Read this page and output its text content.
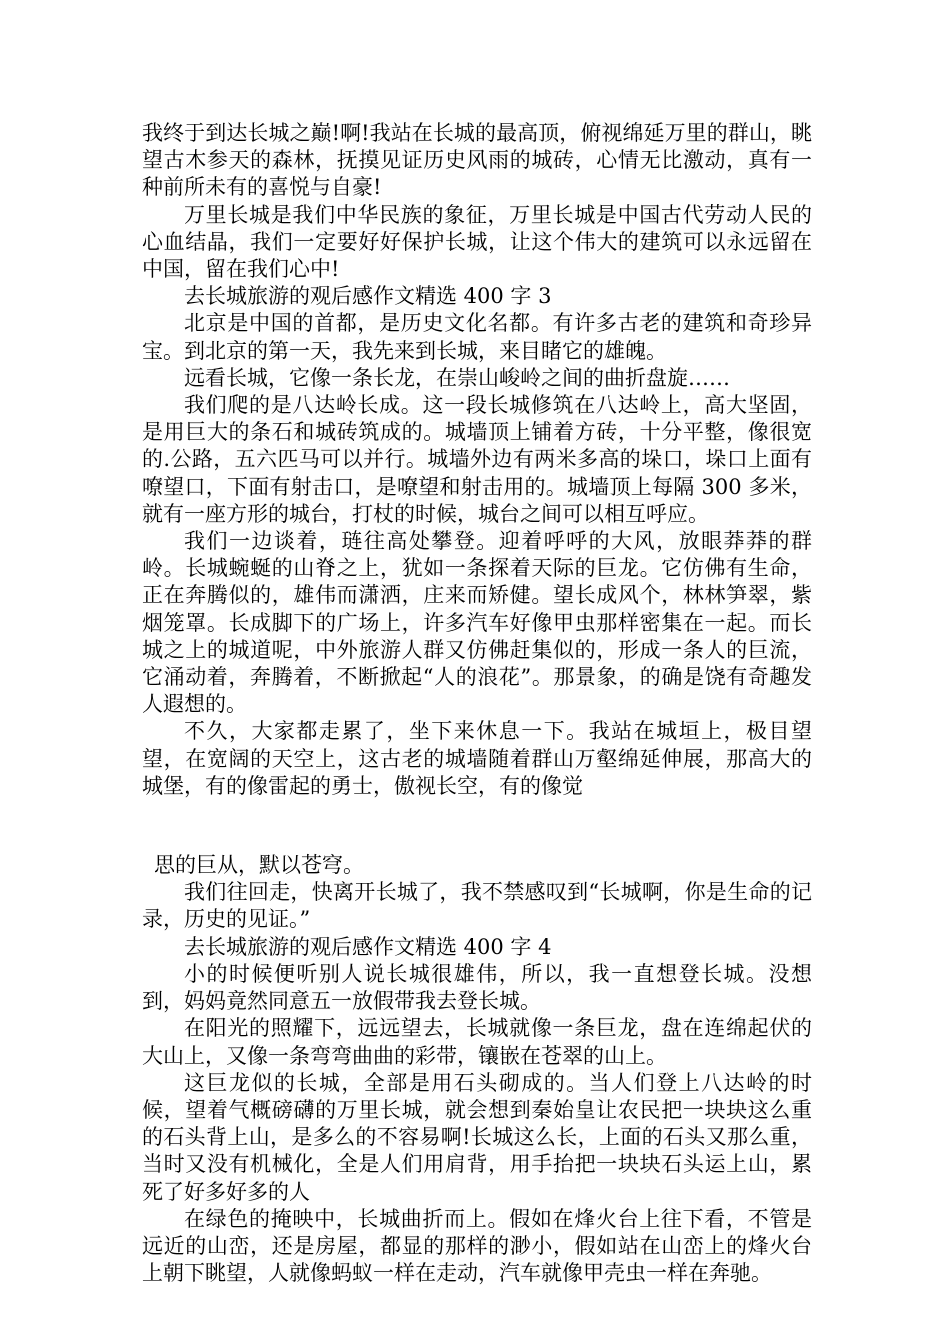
我终于到达长城之巅!啊!我站在长城的最高顶，俯视绵延万里的群山，眺望古木参天的森林，抚摸见证历史风雨的城砖，心情无比激动，真有一种前所未有的喜悦与自豪!

万里长城是我们中华民族的象征，万里长城是中国古代劳动人民的心血结晶，我们一定要好好保护长城，让这个伟大的建筑可以永远留在中国，留在我们心中!

去长城旅游的观后感作文精选 400 字 3

北京是中国的首都，是历史文化名都。有许多古老的建筑和奇珍异宝。到北京的第一天，我先来到长城，来目睹它的雄魄。

远看长城，它像一条长龙，在崇山峻岭之间的曲折盘旋……

我们爬的是八达岭长成。这一段长城修筑在八达岭上，高大坚固，是用巨大的条石和城砖筑成的。城墙顶上铺着方砖，十分平整，像很宽的.公路，五六匹马可以并行。城墙外边有两米多高的垛口，垛口上面有嘹望口，下面有射击口，是嘹望和射击用的。城墙顶上每隔 300 多米，就有一座方形的城台，打杖的时候，城台之间可以相互呼应。

我们一边谈着，琏往高处攀登。迎着呼呼的大风，放眼莽莽的群岭。长城蜿蜒的山脊之上，犹如一条探着天际的巨龙。它仿佛有生命，正在奔腾似的，雄伟而潇洒，庄来而矫健。望长成风个，林林笋翠，紫烟笼罩。长成脚下的广场上，许多汽车好像甲虫那样密集在一起。而长城之上的城道呢，中外旅游人群又仿佛赶集似的，形成一条人的巨流，它涌动着，奔腾着，不断掀起“人的浪花”。那景象，的确是饶有奇趣发人遐想的。

不久，大家都走累了，坐下来休息一下。我站在城垣上，极目望望，在宽阔的天空上，这古老的城墙随着群山万壑绵延伸展，那高大的城堡，有的像雷起的勇士，傲视长空，有的像觉

思的巨从，默以苍穹。

我们往回走，快离开长城了，我不禁感叹到“长城啊，你是生命的记录，历史的见证。”

去长城旅游的观后感作文精选 400 字 4

小的时候便听别人说长城很雄伟，所以，我一直想登长城。没想到，妈妈竟然同意五一放假带我去登长城。

在阳光的照耀下，远远望去，长城就像一条巨龙，盘在连绵起伏的大山上，又像一条弯弯曲曲的彩带，镶嵌在苍翠的山上。

这巨龙似的长城，全部是用石头砌成的。当人们登上八达岭的时候，望着气概磅礴的万里长城，就会想到秦始皇让农民把一块块这么重的石头背上山，是多么的不容易啊!长城这么长，上面的石头又那么重，当时又没有机械化，全是人们用肩背，用手抬把一块块石头运上山，累死了好多好多的人

在绿色的掩映中，长城曲折而上。假如在烽火台上往下看，不管是远近的山峦，还是房屋，都显的那样的渺小，假如站在山峦上的烽火台上朝下眺望，人就像蚂蚁一样在走动，汽车就像甲壳虫一样在奔驰。
